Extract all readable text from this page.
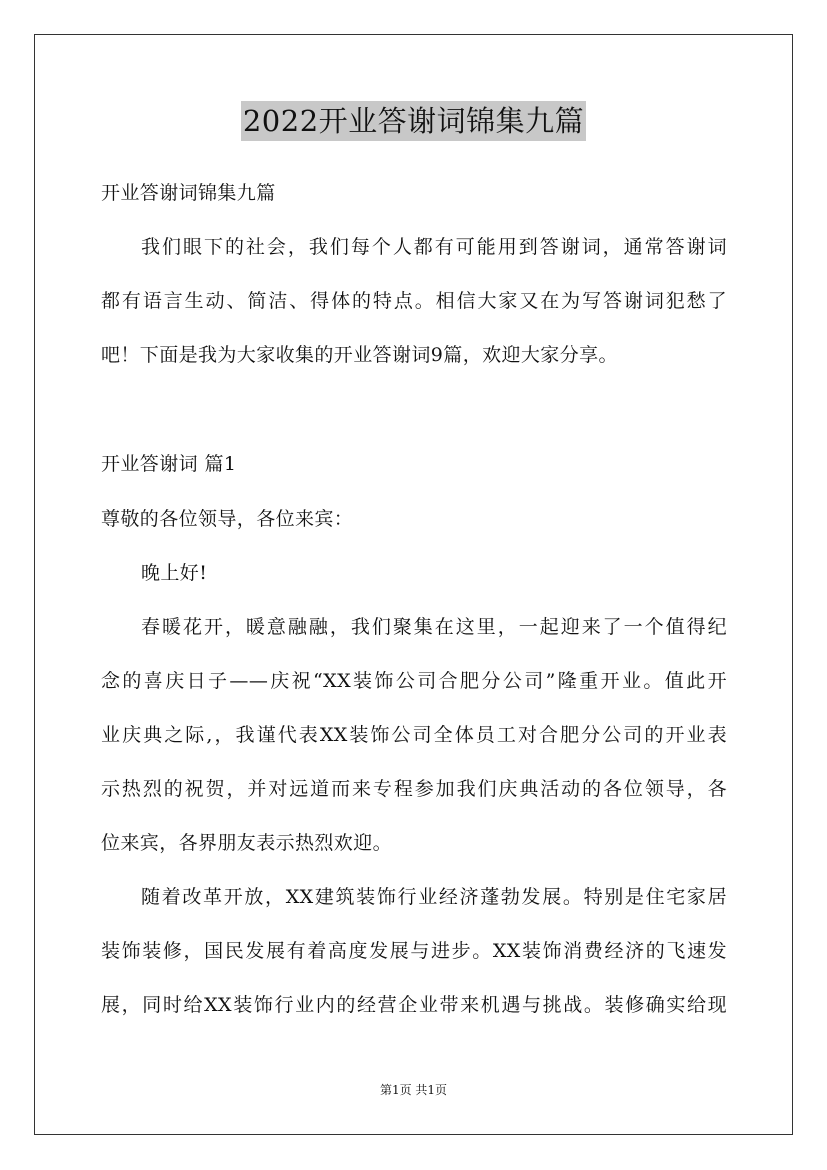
2022开业答谢词锦集九篇
开业答谢词锦集九篇
我们眼下的社会，我们每个人都有可能用到答谢词，通常答谢词
都有语言生动、简洁、得体的特点。相信大家又在为写答谢词犯愁了
吧！下面是我为大家收集的开业答谢词9篇，欢迎大家分享。
开业答谢词 篇1
尊敬的各位领导，各位来宾：
晚上好!
春暖花开，暖意融融，我们聚集在这里，一起迎来了一个值得纪
念的喜庆日子——庆祝“XX装饰公司合肥分公司”隆重开业。值此开
业庆典之际,，我谨代表XX装饰公司全体员工对合肥分公司的开业表
示热烈的祝贺，并对远道而来专程参加我们庆典活动的各位领导，各
位来宾，各界朋友表示热烈欢迎。
随着改革开放，XX建筑装饰行业经济蓬勃发展。特别是住宅家居
装饰装修，国民发展有着高度发展与进步。XX装饰消费经济的飞速发
展，同时给XX装饰行业内的经营企业带来机遇与挑战。装修确实给现
第1页 共1页
